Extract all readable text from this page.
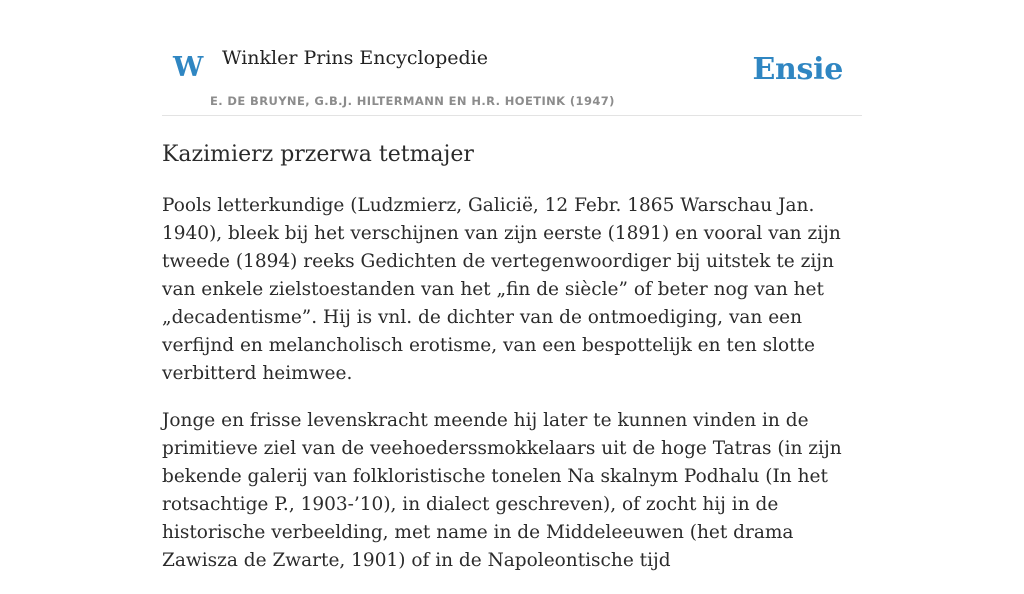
W Winkler Prins Encyclopedie
E. DE BRUYNE, G.B.J. HILTERMANN EN H.R. HOETINK (1947)
Ensie
Kazimierz przerwa tetmajer

Pools letterkundige (Ludzmierz, Galicië, 12 Febr. 1865 Warschau Jan. 1940), bleek bij het verschijnen van zijn eerste (1891) en vooral van zijn tweede (1894) reeks Gedichten de vertegenwoordiger bij uitstek te zijn van enkele zielstoestanden van het „fin de siècle” of beter nog van het „decadentisme”. Hij is vnl. de dichter van de ontmoediging, van een verfijnd en melancholisch erotisme, van een bespottelijk en ten slotte verbitterd heimwee.

Jonge en frisse levenskracht meende hij later te kunnen vinden in de primitieve ziel van de veehoederssmokkelaars uit de hoge Tatras (in zijn bekende galerij van folkloristische tonelen Na skalnym Podhalu (In het rotsachtige P., 1903-’10), in dialect geschreven), of zocht hij in de historische verbeelding, met name in de Middeleeuwen (het drama Zawisza de Zwarte, 1901) of in de Napoleontische tijd
